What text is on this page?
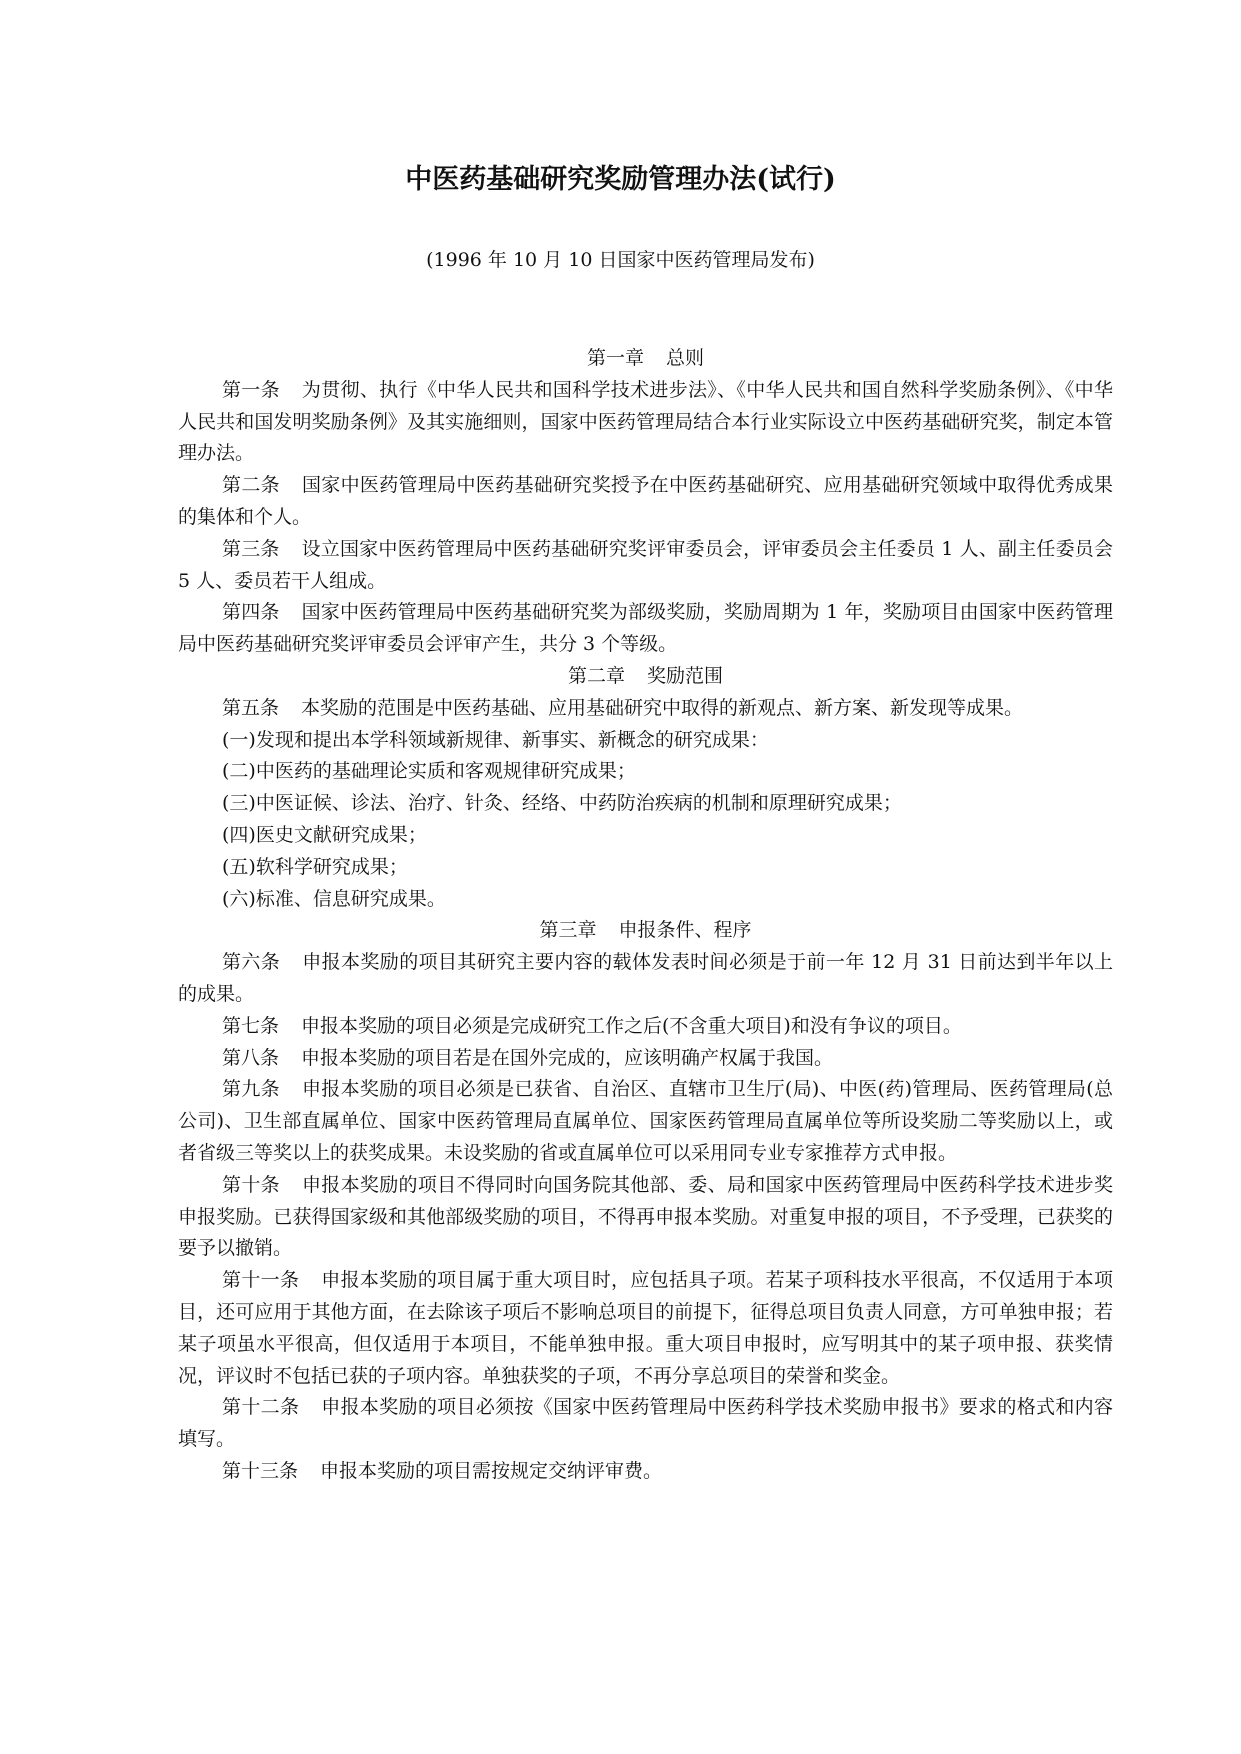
中医药基础研究奖励管理办法(试行)
(1996 年 10 月 10 日国家中医药管理局发布)

第一章 总则

第一条 为贯彻、执行《中华人民共和国科学技术进步法》、《中华人民共和国自然科学奖励条例》、《中华人民共和国发明奖励条例》及其实施细则，国家中医药管理局结合本行业实际设立中医药基础研究奖，制定本管理办法。

第二条 国家中医药管理局中医药基础研究奖授予在中医药基础研究、应用基础研究领域中取得优秀成果的集体和个人。

第三条 设立国家中医药管理局中医药基础研究奖评审委员会，评审委员会主任委员 1 人、副主任委员会 5 人、委员若干人组成。

第四条 国家中医药管理局中医药基础研究奖为部级奖励，奖励周期为 1 年，奖励项目由国家中医药管理局中医药基础研究奖评审委员会评审产生，共分 3 个等级。

第二章 奖励范围

第五条 本奖励的范围是中医药基础、应用基础研究中取得的新观点、新方案、新发现等成果。

(一)发现和提出本学科领域新规律、新事实、新概念的研究成果：

(二)中医药的基础理论实质和客观规律研究成果；

(三)中医证候、诊法、治疗、针灸、经络、中药防治疾病的机制和原理研究成果；

(四)医史文献研究成果；

(五)软科学研究成果；

(六)标准、信息研究成果。

第三章 申报条件、程序

第六条 申报本奖励的项目其研究主要内容的载体发表时间必须是于前一年 12 月 31 日前达到半年以上的成果。

第七条 申报本奖励的项目必须是完成研究工作之后(不含重大项目)和没有争议的项目。

第八条 申报本奖励的项目若是在国外完成的，应该明确产权属于我国。

第九条 申报本奖励的项目必须是已获省、自治区、直辖市卫生厅(局)、中医(药)管理局、医药管理局(总公司)、卫生部直属单位、国家中医药管理局直属单位、国家医药管理局直属单位等所设奖励二等奖励以上，或者省级三等奖以上的获奖成果。未设奖励的省或直属单位可以采用同专业专家推荐方式申报。

第十条 申报本奖励的项目不得同时向国务院其他部、委、局和国家中医药管理局中医药科学技术进步奖申报奖励。已获得国家级和其他部级奖励的项目，不得再申报本奖励。对重复申报的项目，不予受理，已获奖的要予以撤销。

第十一条 申报本奖励的项目属于重大项目时，应包括具子项。若某子项科技水平很高，不仅适用于本项目，还可应用于其他方面，在去除该子项后不影响总项目的前提下，征得总项目负责人同意，方可单独申报；若某子项虽水平很高，但仅适用于本项目，不能单独申报。重大项目申报时，应写明其中的某子项申报、获奖情况，评议时不包括已获的子项内容。单独获奖的子项，不再分享总项目的荣誉和奖金。

第十二条 申报本奖励的项目必须按《国家中医药管理局中医药科学技术奖励申报书》要求的格式和内容填写。

第十三条 申报本奖励的项目需按规定交纳评审费。
